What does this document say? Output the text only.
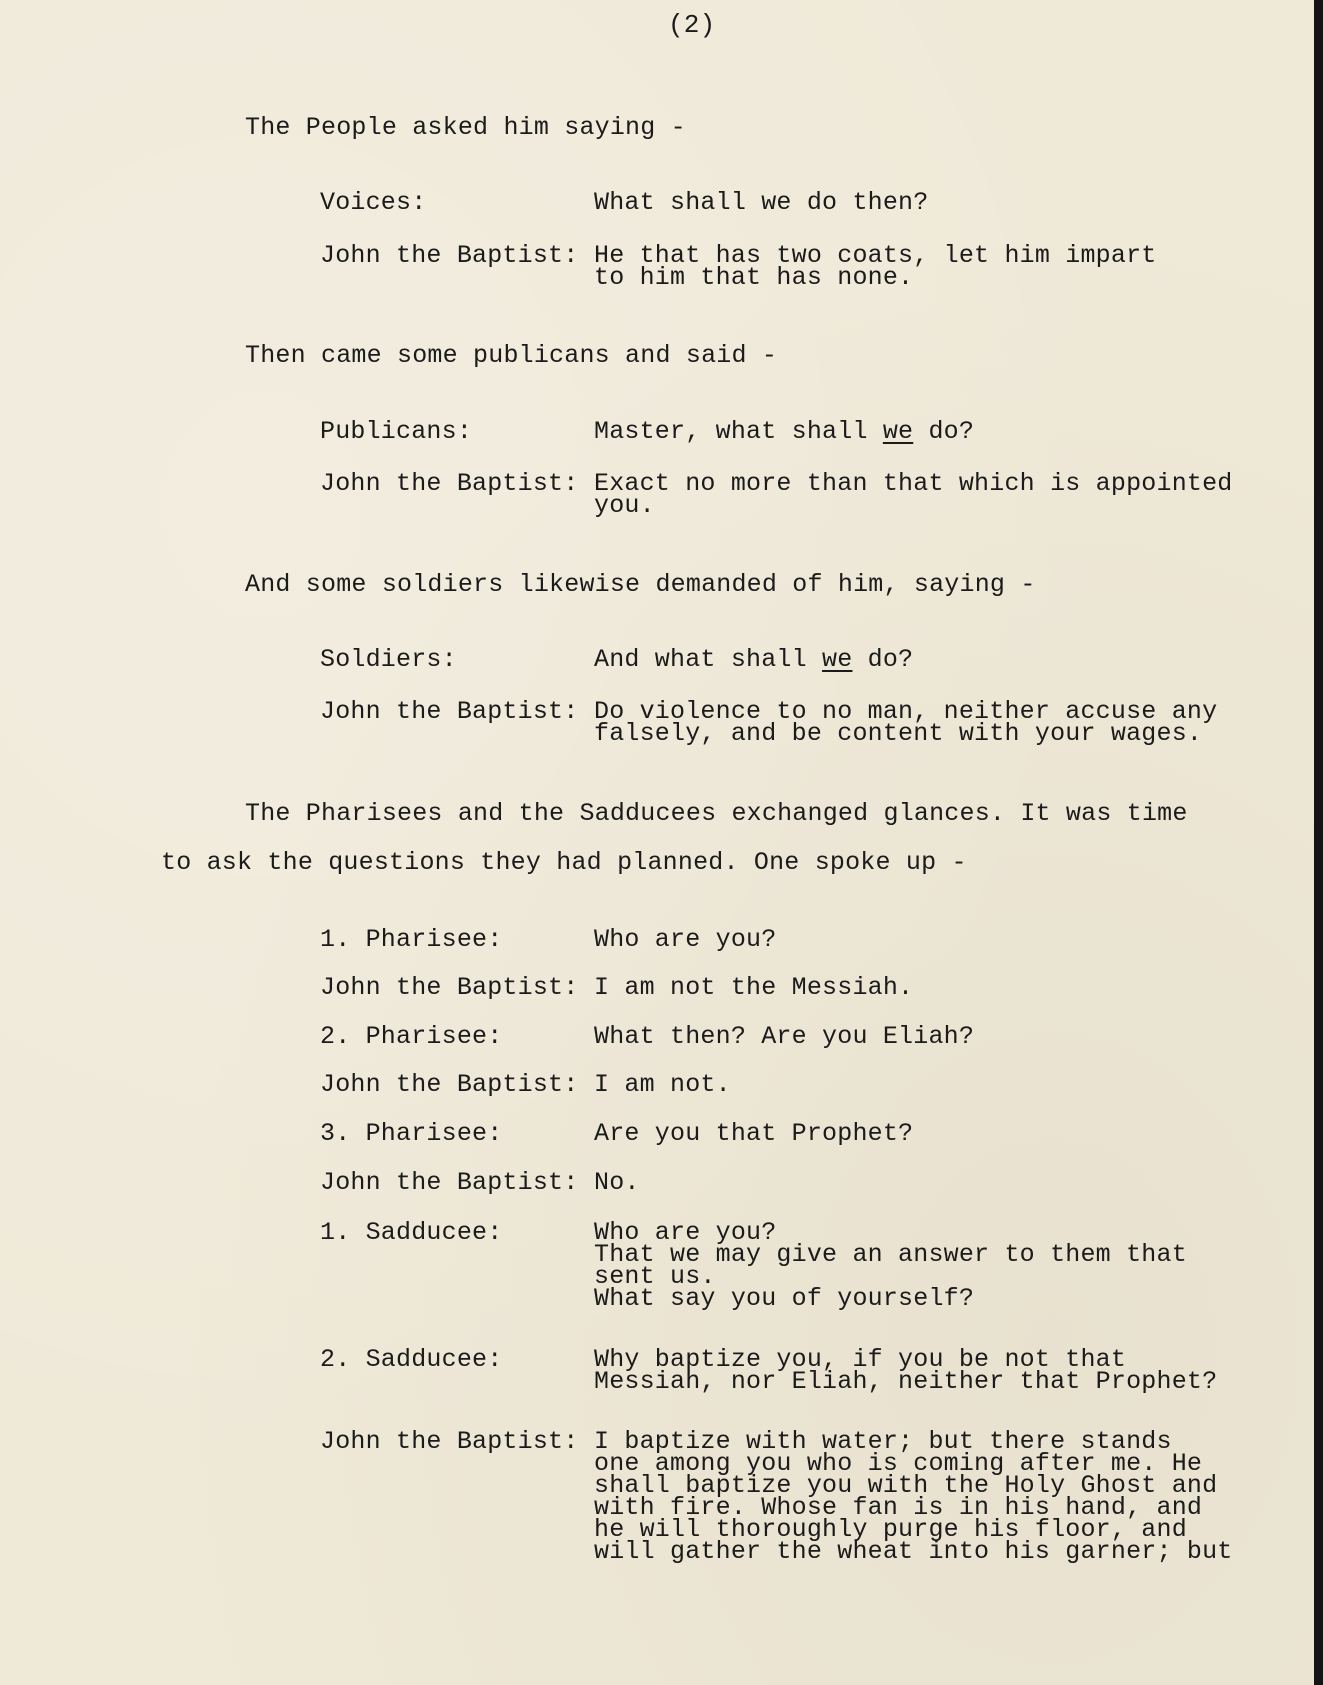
(2)
The People asked him saying -
Voices:	What shall we do then?
John the Baptist: He that has two coats, let him impart
to him that has none.
Then came some publicans and said -
Publicans:	Master, what shall we do?
John the Baptist: Exact no more than that which is appointed
you.
And some soldiers likewise demanded of him, saying -
Soldiers:	And what shall we do?
John the Baptist: Do violence to no man, neither accuse any
falsely, and be content with your wages.
The Pharisees and the Sadducees exchanged glances. It was time
to ask the questions they had planned. One spoke up -
1. Pharisee:	Who are you?
John the Baptist: I am not the Messiah.
2. Pharisee:	What then? Are you Eliah?
John the Baptist: I am not.
3. Pharisee:	Are you that Prophet?
John the Baptist: No.
1. Sadducee:	Who are you?
That we may give an answer to them that
sent us.
What say you of yourself?
2. Sadducee:	Why baptize you, if you be not that
Messiah, nor Eliah, neither that Prophet?
John the Baptist: I baptize with water; but there stands
one among you who is coming after me. He
shall baptize you with the Holy Ghost and
with fire. Whose fan is in his hand, and
he will thoroughly purge his floor, and
will gather the wheat into his garner; but
